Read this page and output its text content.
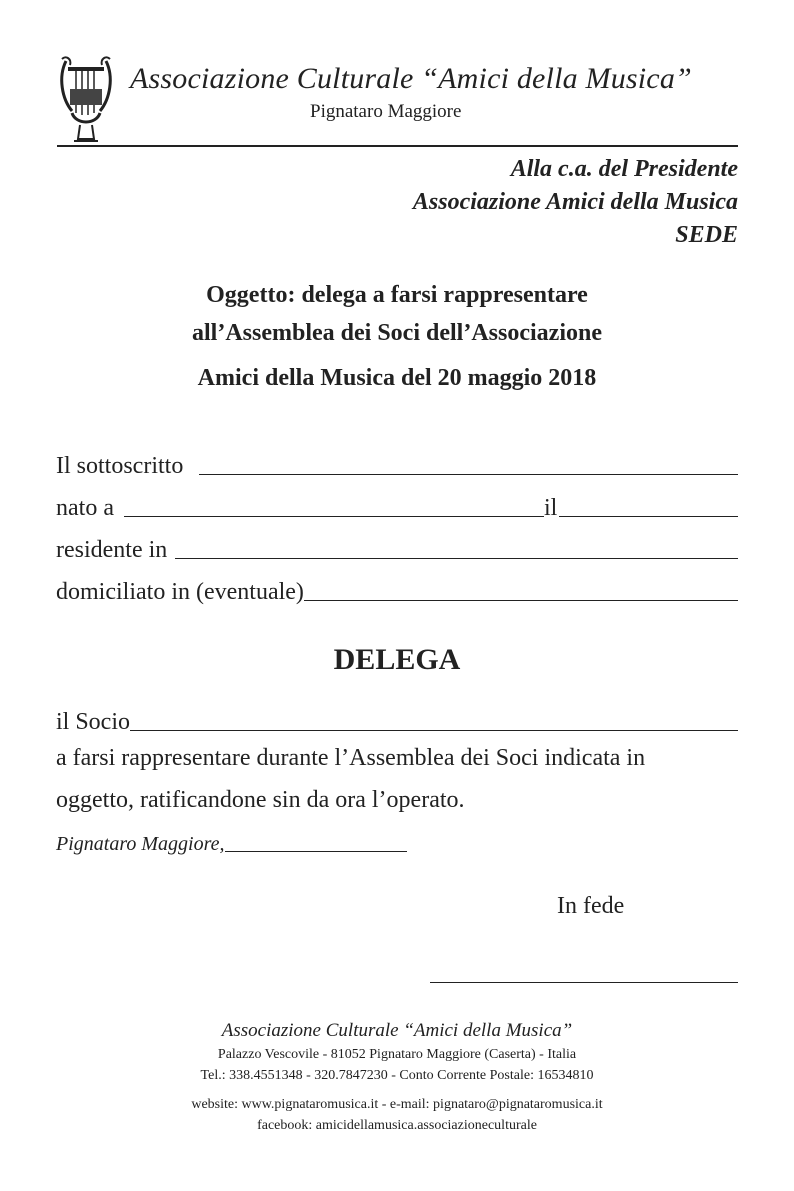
Associazione Culturale “Amici della Musica”
Pignataro Maggiore
Alla c.a. del Presidente
Associazione Amici della Musica
SEDE
Oggetto: delega a farsi rappresentare
all’Assemblea dei Soci dell’Associazione
Amici della Musica del 20 maggio 2018
Il sottoscritto
nato a	il
residente in
domiciliato in (eventuale)
DELEGA
il Socio
a farsi rappresentare durante l’Assemblea dei Soci indicata in
oggetto, ratificandone sin da ora l’operato.
Pignataro Maggiore,
In fede
Associazione Culturale “Amici della Musica”
Palazzo Vescovile - 81052 Pignataro Maggiore (Caserta) - Italia
Tel.: 338.4551348 - 320.7847230 - Conto Corrente Postale: 16534810
website: www.pignataromusica.it - e-mail: pignataro@pignataromusica.it
facebook: amicidellamusica.associazioneculturale
